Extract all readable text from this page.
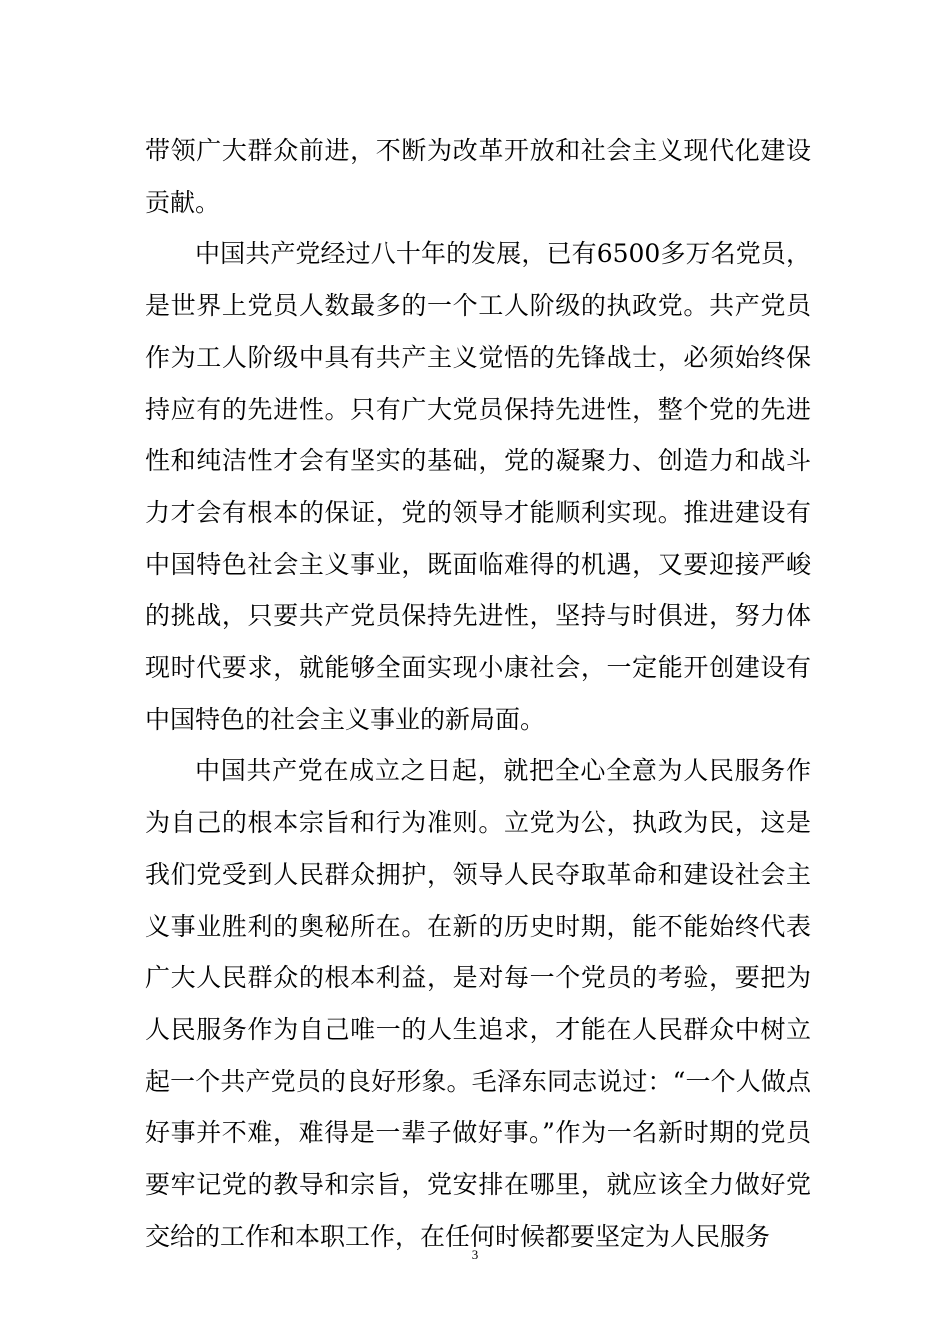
带领广大群众前进，不断为改革开放和社会主义现代化建设贡献。

中国共产党经过八十年的发展，已有6500多万名党员，是世界上党员人数最多的一个工人阶级的执政党。共产党员作为工人阶级中具有共产主义觉悟的先锋战士，必须始终保持应有的先进性。只有广大党员保持先进性，整个党的先进性和纯洁性才会有坚实的基础，党的凝聚力、创造力和战斗力才会有根本的保证，党的领导才能顺利实现。推进建设有中国特色社会主义事业，既面临难得的机遇，又要迎接严峻的挑战，只要共产党员保持先进性，坚持与时俱进，努力体现时代要求，就能够全面实现小康社会，一定能开创建设有中国特色的社会主义事业的新局面。

中国共产党在成立之日起，就把全心全意为人民服务作为自己的根本宗旨和行为准则。立党为公，执政为民，这是我们党受到人民群众拥护，领导人民夺取革命和建设社会主义事业胜利的奥秘所在。在新的历史时期，能不能始终代表广大人民群众的根本利益，是对每一个党员的考验，要把为人民服务作为自己唯一的人生追求，才能在人民群众中树立起一个共产党员的良好形象。毛泽东同志说过：“一个人做点好事并不难，难得是一辈子做好事。”作为一名新时期的党员要牢记党的教导和宗旨，党安排在哪里，就应该全力做好党交给的工作和本职工作，在任何时候都要坚定为人民服务

3
